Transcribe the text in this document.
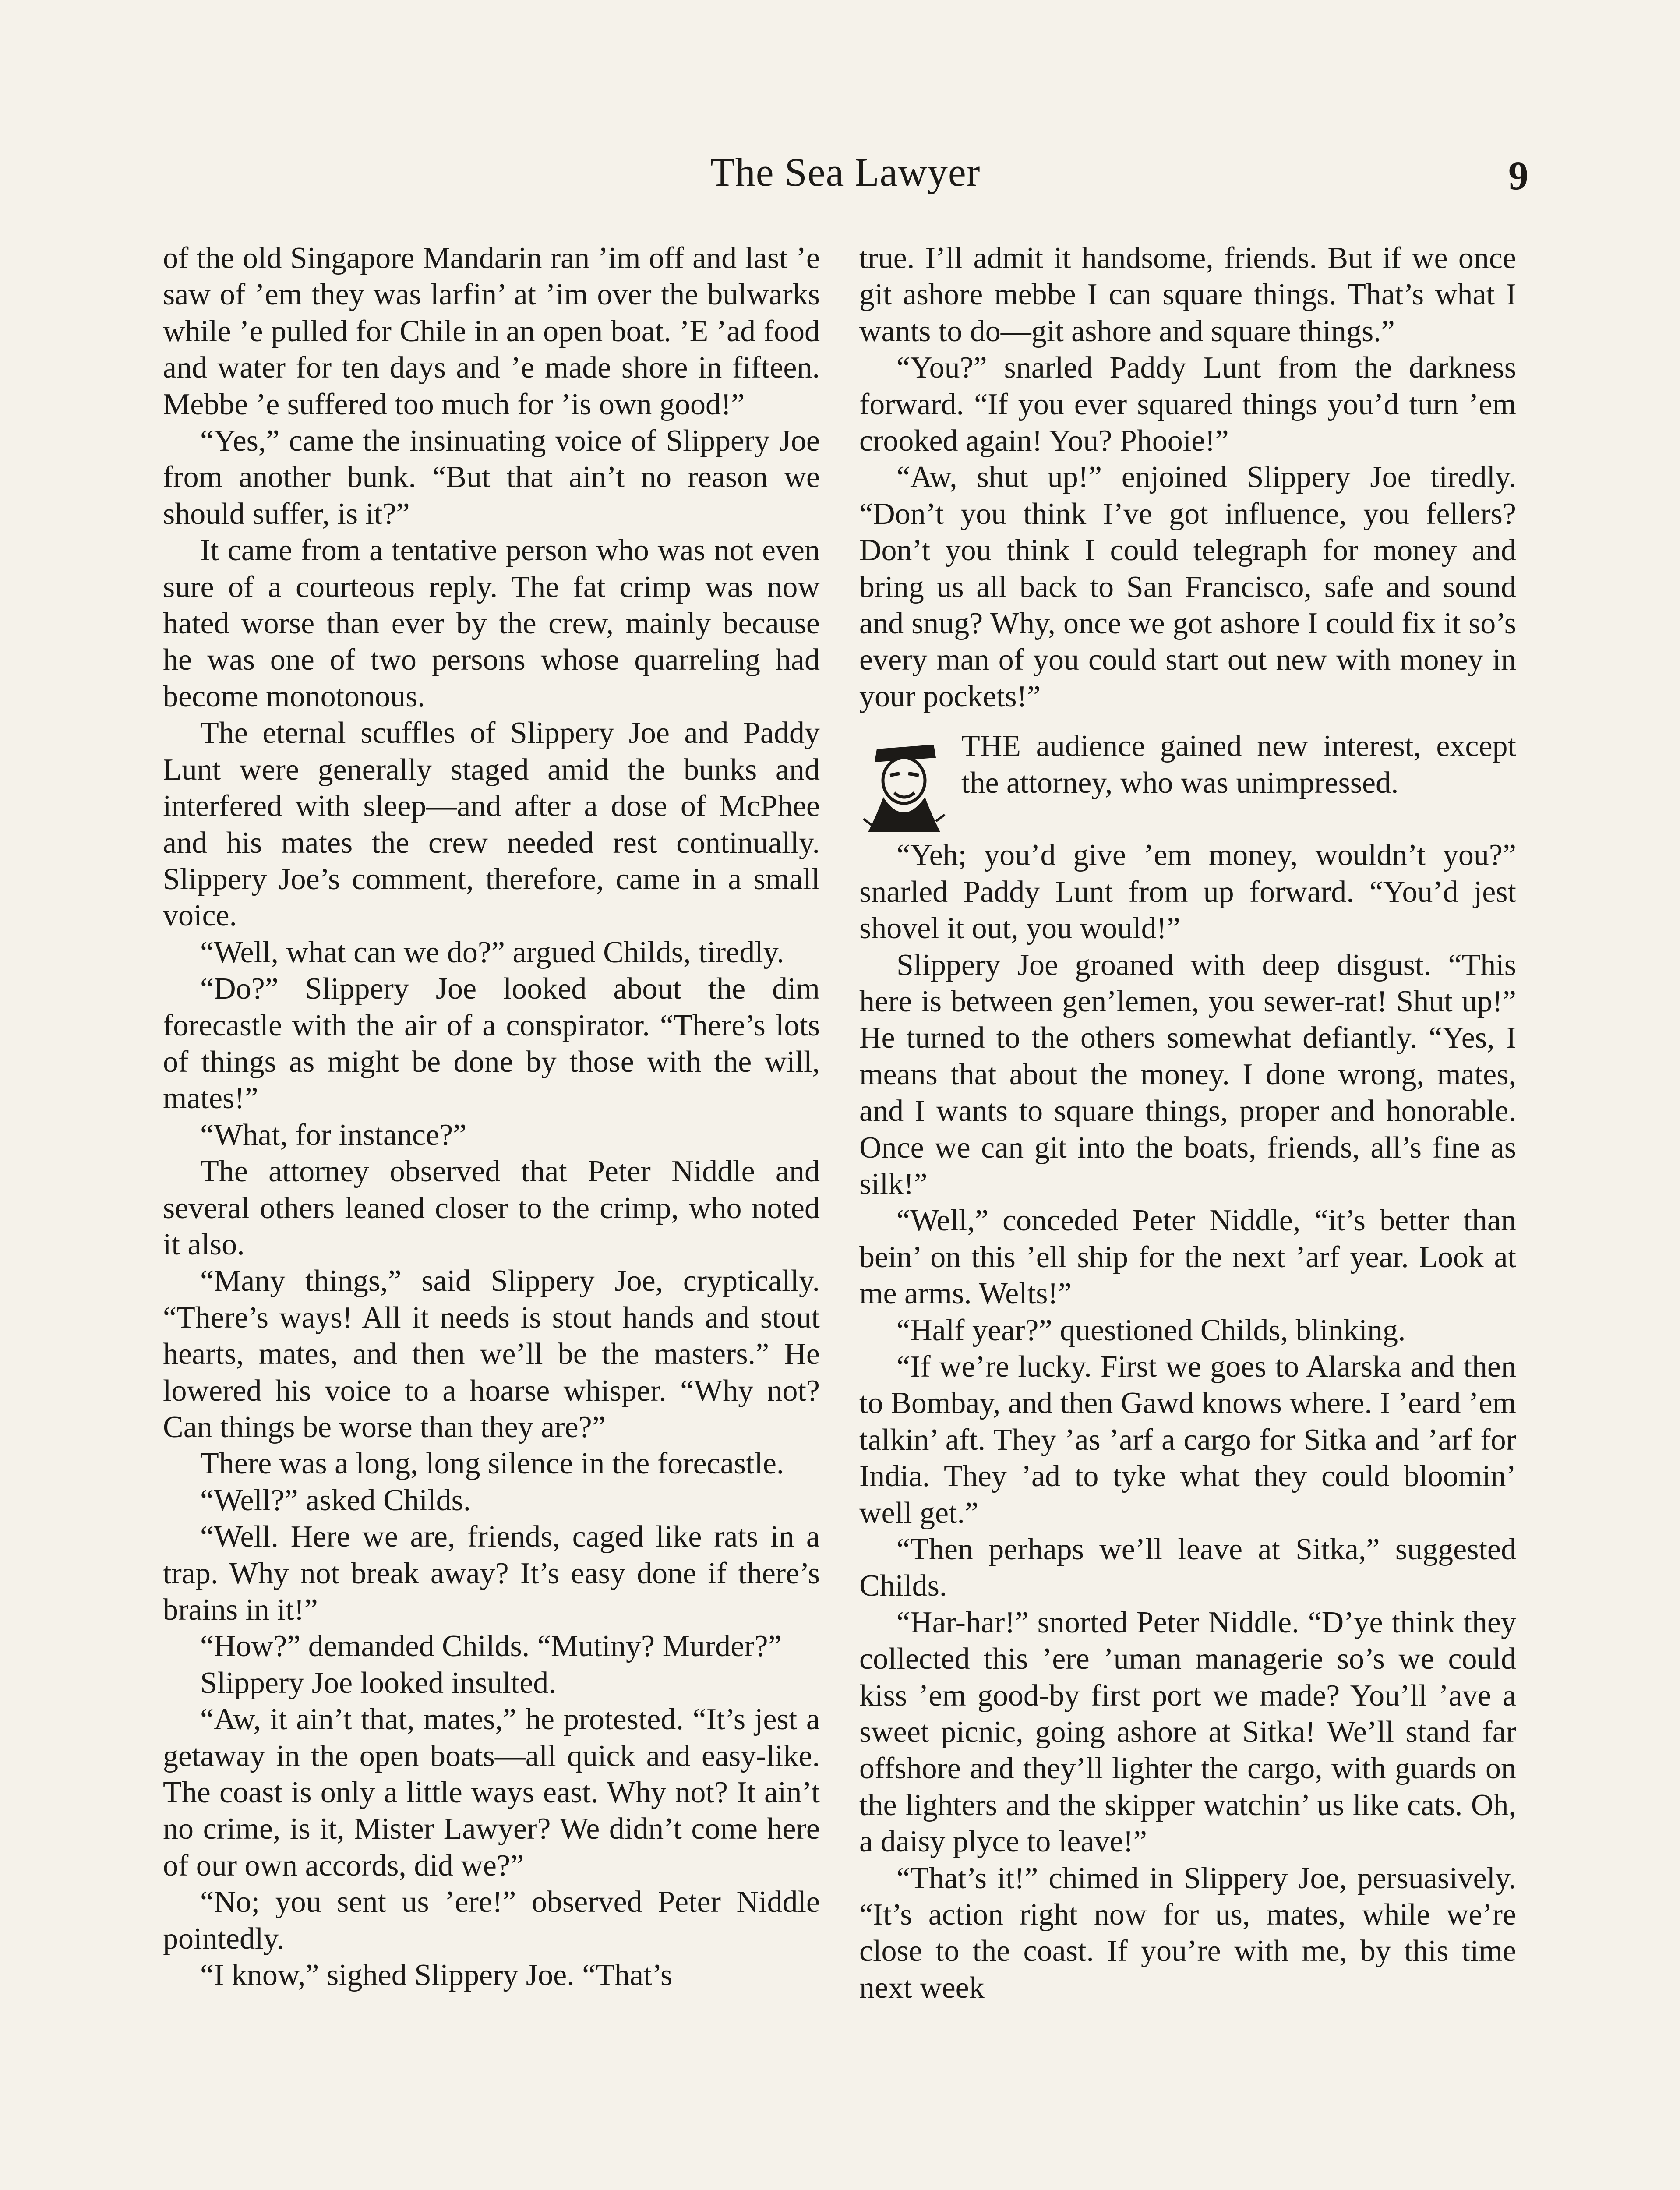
The Sea Lawyer	9

of the old Singapore Mandarin ran ’im off and last ’e saw of ’em they was larfin’ at ’im over the bulwarks while ’e pulled for Chile in an open boat. ’E ’ad food and water for ten days and ’e made shore in fifteen. Mebbe ’e suffered too much for ’is own good!”

“Yes,” came the insinuating voice of Slippery Joe from another bunk. “But that ain’t no reason we should suffer, is it?”

It came from a tentative person who was not even sure of a courteous reply. The fat crimp was now hated worse than ever by the crew, mainly because he was one of two persons whose quarreling had become monotonous.

The eternal scuffles of Slippery Joe and Paddy Lunt were generally staged amid the bunks and interfered with sleep—and after a dose of McPhee and his mates the crew needed rest continually. Slippery Joe’s comment, therefore, came in a small voice.

“Well, what can we do?” argued Childs, tiredly.

“Do?” Slippery Joe looked about the dim forecastle with the air of a conspirator. “There’s lots of things as might be done by those with the will, mates!”

“What, for instance?”

The attorney observed that Peter Niddle and several others leaned closer to the crimp, who noted it also.

“Many things,” said Slippery Joe, cryptically. “There’s ways! All it needs is stout hands and stout hearts, mates, and then we’ll be the masters.” He lowered his voice to a hoarse whisper. “Why not? Can things be worse than they are?”

There was a long, long silence in the forecastle.

“Well?” asked Childs.

“Well. Here we are, friends, caged like rats in a trap. Why not break away? It’s easy done if there’s brains in it!”

“How?” demanded Childs. “Mutiny? Murder?”

Slippery Joe looked insulted.

“Aw, it ain’t that, mates,” he protested. “It’s jest a getaway in the open boats—all quick and easy-like. The coast is only a little ways east. Why not? It ain’t no crime, is it, Mister Lawyer? We didn’t come here of our own accords, did we?”

“No; you sent us ’ere!” observed Peter Niddle pointedly.

“I know,” sighed Slippery Joe. “That’s

true. I’ll admit it handsome, friends. But if we once git ashore mebbe I can square things. That’s what I wants to do—git ashore and square things.”

“You?” snarled Paddy Lunt from the darkness forward. “If you ever squared things you’d turn ’em crooked again! You? Phooie!”

“Aw, shut up!” enjoined Slippery Joe tiredly. “Don’t you think I’ve got influence, you fellers? Don’t you think I could telegraph for money and bring us all back to San Francisco, safe and sound and snug? Why, once we got ashore I could fix it so’s every man of you could start out new with money in your pockets!”

THE audience gained new interest, except the attorney, who was unimpressed.

“Yeh; you’d give ’em money, wouldn’t you?” snarled Paddy Lunt from up forward. “You’d jest shovel it out, you would!”

Slippery Joe groaned with deep disgust. “This here is between gen’lemen, you sewer-rat! Shut up!” He turned to the others somewhat defiantly. “Yes, I means that about the money. I done wrong, mates, and I wants to square things, proper and honorable. Once we can git into the boats, friends, all’s fine as silk!”

“Well,” conceded Peter Niddle, “it’s better than bein’ on this ’ell ship for the next ’arf year. Look at me arms. Welts!”

“Half year?” questioned Childs, blinking.

“If we’re lucky. First we goes to Alarska and then to Bombay, and then Gawd knows where. I ’eard ’em talkin’ aft. They ’as ’arf a cargo for Sitka and ’arf for India. They ’ad to tyke what they could bloomin’ well get.”

“Then perhaps we’ll leave at Sitka,” suggested Childs.

“Har-har!” snorted Peter Niddle. “D’ye think they collected this ’ere ’uman managerie so’s we could kiss ’em good-by first port we made? You’ll ’ave a sweet picnic, going ashore at Sitka! We’ll stand far offshore and they’ll lighter the cargo, with guards on the lighters and the skipper watchin’ us like cats. Oh, a daisy plyce to leave!”

“That’s it!” chimed in Slippery Joe, persuasively. “It’s action right now for us, mates, while we’re close to the coast. If you’re with me, by this time next week
